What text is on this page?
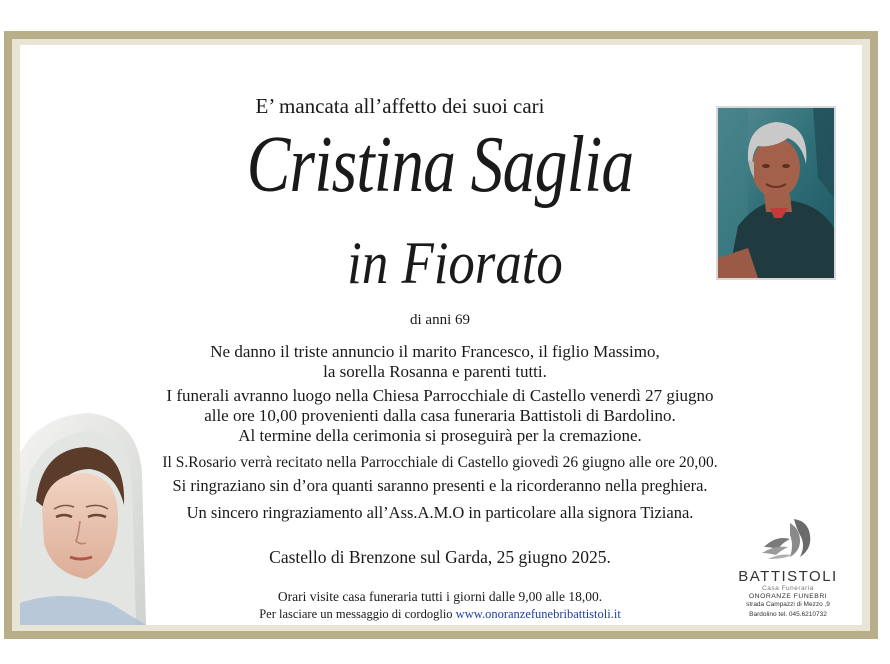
E’ mancata all’affetto dei suoi cari
Cristina Saglia
in Fiorato
di anni 69
Ne danno il triste annuncio il marito Francesco, il figlio Massimo,
la sorella Rosanna e parenti tutti.
I funerali avranno luogo nella Chiesa Parrocchiale di Castello venerdì 27 giugno
alle ore 10,00 provenienti dalla casa funeraria Battistoli di Bardolino.
Al termine della cerimonia si proseguirà per la cremazione.
Il S.Rosario verrà recitato nella Parrocchiale di Castello giovedì 26 giugno alle ore 20,00.
Si ringraziano sin d’ora quanti saranno presenti e la ricorderanno nella preghiera.
Un sincero ringraziamento all’Ass.A.M.O in particolare alla signora Tiziana.
Castello di Brenzone sul Garda, 25 giugno 2025.
Orari visite casa funeraria tutti i giorni dalle 9,00 alle 18,00.
Per lasciare un messaggio di cordoglio www.onoranzefunebribattistoli.it
BATTISTOLI
Casa Funeraria
ONORANZE FUNEBRI
strada Campazzi di Mezzo ,9
Bardolino tel. 045.6210732
